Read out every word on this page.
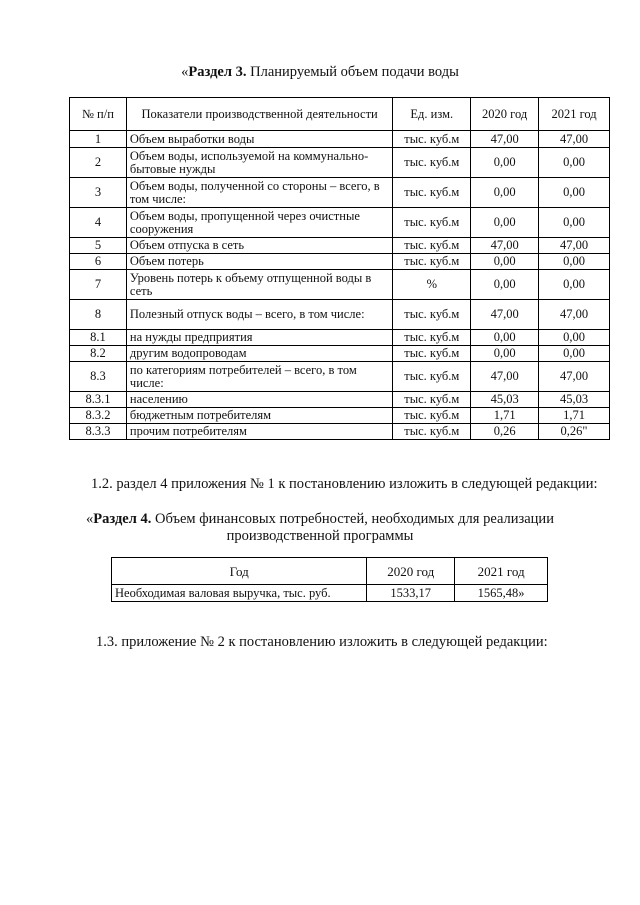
«Раздел 3. Планируемый объем подачи воды
№ п/п	Показатели производственной деятельности	Ед. изм.	2020 год	2021 год
1	Объем выработки воды	тыс. куб.м	47,00	47,00
2	Объем воды, используемой на коммунально-бытовые нужды	тыс. куб.м	0,00	0,00
3	Объем воды, полученной со стороны – всего, в том числе:	тыс. куб.м	0,00	0,00
4	Объем воды, пропущенной через очистные сооружения	тыс. куб.м	0,00	0,00
5	Объем отпуска в сеть	тыс. куб.м	47,00	47,00
6	Объем потерь	тыс. куб.м	0,00	0,00
7	Уровень потерь к объему отпущенной воды в сеть	%	0,00	0,00
8	Полезный отпуск воды – всего, в том числе:	тыс. куб.м	47,00	47,00
8.1	на нужды предприятия	тыс. куб.м	0,00	0,00
8.2	другим водопроводам	тыс. куб.м	0,00	0,00
8.3	по категориям потребителей – всего, в том числе:	тыс. куб.м	47,00	47,00
8.3.1	населению	тыс. куб.м	45,03	45,03
8.3.2	бюджетным потребителям	тыс. куб.м	1,71	1,71
8.3.3	прочим потребителям	тыс. куб.м	0,26	0,26"
1.2. раздел 4 приложения № 1 к постановлению изложить в следующей редакции:
«Раздел 4. Объем финансовых потребностей, необходимых для реализации
производственной программы
Год	2020 год	2021 год
Необходимая валовая выручка, тыс. руб.	1533,17	1565,48»
1.3. приложение № 2 к постановлению изложить в следующей редакции:
